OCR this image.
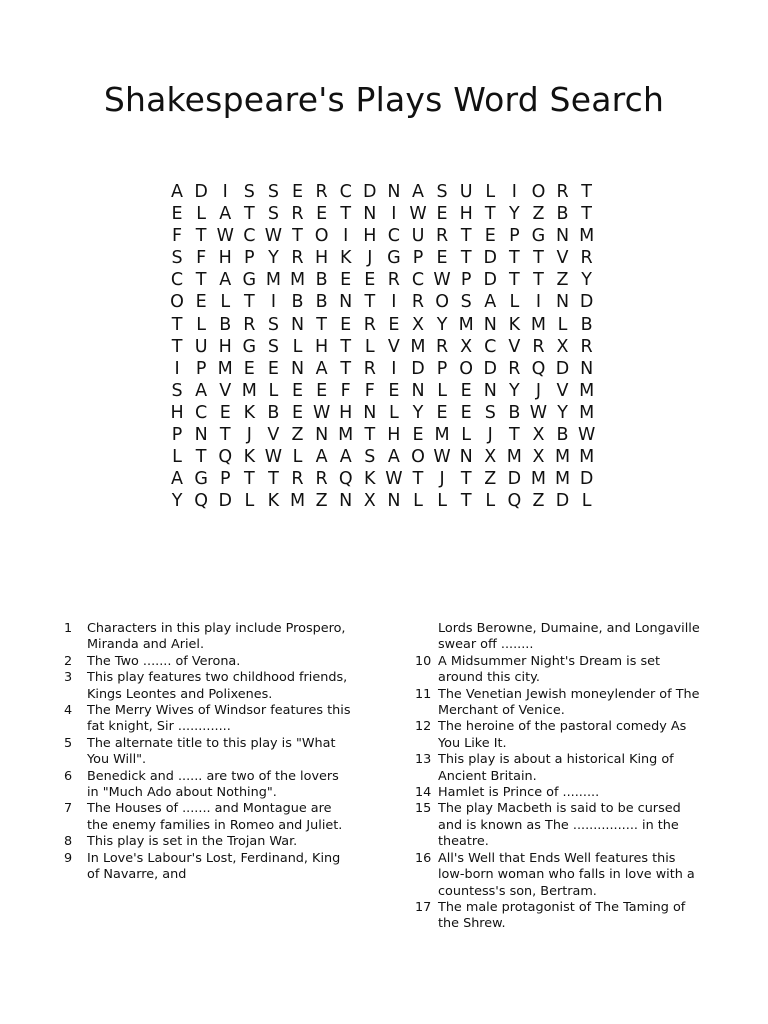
Shakespeare's Plays Word Search
A D I S S E R C D N A S U L I O R T
E L A T S R E T N I W E H T Y Z B T
F T W C W T O I H C U R T E P G N M
S F H P Y R H K J G P E T D T T V R
C T A G M M B E E R C W P D T T Z Y
O E L T I B B N T I R O S A L I N D
T L B R S N T E R E X Y M N K M L B
T U H G S L H T L V M R X C V R X R
I P M E E N A T R I D P O D R Q D N
S A V M L E E F F E N L E N Y J V M
H C E K B E W H N L Y E E S B W Y M
P N T J V Z N M T H E M L J T X B W
L T Q K W L A A S A O W N X M X M M
A G P T T R R Q K W T J T Z D M M D
Y Q D L K M Z N X N L L T L Q Z D L
1	Characters in this play include Prospero, Miranda and Ariel.
2	The Two ....... of Verona.
3	This play features two childhood friends, Kings Leontes and Polixenes.
4	The Merry Wives of Windsor features this fat knight, Sir .............
5	The alternate title to this play is "What You Will".
6	Benedick and ...... are two of the lovers in "Much Ado about Nothing".
7	The Houses of ....... and Montague are the enemy families in Romeo and Juliet.
8	This play is set in the Trojan War.
9	In Love's Labour's Lost, Ferdinand, King of Navarre, and
Lords Berowne, Dumaine, and Longaville swear off ........
10 A Midsummer Night's Dream is set around this city.
11 The Venetian Jewish moneylender of The Merchant of Venice.
12 The heroine of the pastoral comedy As You Like It.
13 This play is about a historical King of Ancient Britain.
14 Hamlet is Prince of .........
15 The play Macbeth is said to be cursed and is known as The ................ in the theatre.
16 All's Well that Ends Well features this low-born woman who falls in love with a countess's son, Bertram.
17 The male protagonist of The Taming of the Shrew.
